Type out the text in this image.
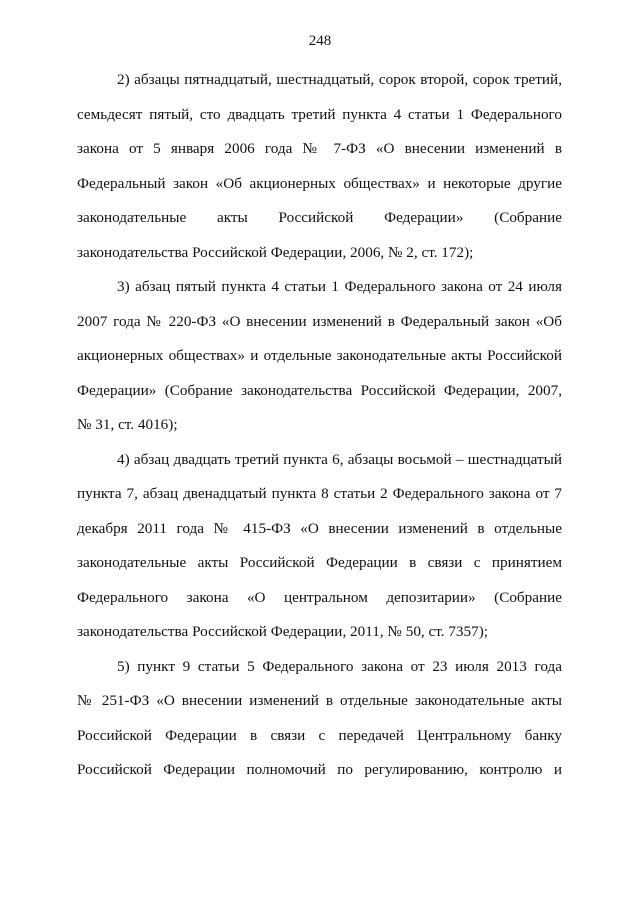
248

2) абзацы пятнадцатый, шестнадцатый, сорок второй, сорок третий,
семьдесят пятый, сто двадцать третий пункта 4 статьи 1 Федерального
закона от 5 января 2006 года № 7-ФЗ «О внесении изменений в
Федеральный закон «Об акционерных обществах» и некоторые другие
законодательные акты Российской Федерации» (Собрание
законодательства Российской Федерации, 2006, № 2, ст. 172);

3) абзац пятый пункта 4 статьи 1 Федерального закона от 24 июля
2007 года № 220-ФЗ «О внесении изменений в Федеральный закон «Об
акционерных обществах» и отдельные законодательные акты Российской
Федерации» (Собрание законодательства Российской Федерации, 2007,
№ 31, ст. 4016);

4) абзац двадцать третий пункта 6, абзацы восьмой – шестнадцатый
пункта 7, абзац двенадцатый пункта 8 статьи 2 Федерального закона от 7
декабря 2011 года № 415-ФЗ «О внесении изменений в отдельные
законодательные акты Российской Федерации в связи с принятием
Федерального закона «О центральном депозитарии» (Собрание
законодательства Российской Федерации, 2011, № 50, ст. 7357);

5) пункт 9 статьи 5 Федерального закона от 23 июля 2013 года
№ 251-ФЗ «О внесении изменений в отдельные законодательные акты
Российской Федерации в связи с передачей Центральному банку
Российской Федерации полномочий по регулированию, контролю и
